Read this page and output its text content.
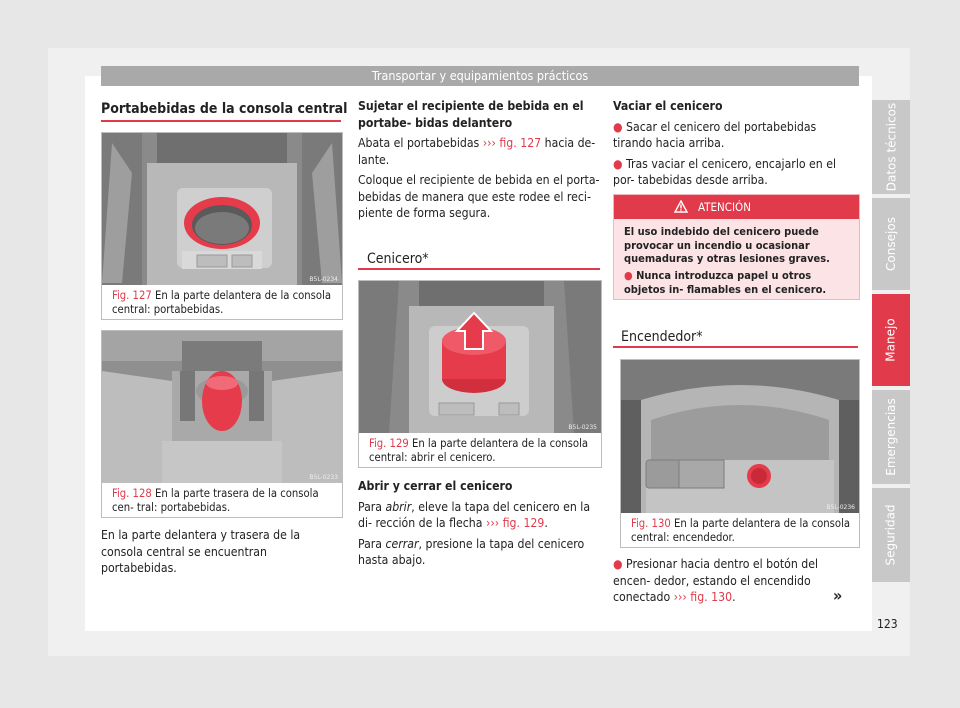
Transportar y equipamientos prácticos
Portabebidas de la consola central
B5L-0234
Fig. 127 En la parte delantera de la consola central: portabebidas.
B5L-0233
Fig. 128 En la parte trasera de la consola cen- tral: portabebidas.
En la parte delantera y trasera de la consola central se encuentran portabebidas.

Sujetar el recipiente de bebida en el portabe- bidas delantero

Abata el portabebidas ››› fig. 127 hacia de- lante.

Coloque el recipiente de bebida en el porta- bebidas de manera que este rodee el reci- piente de forma segura.

Cenicero*
B5L-0235
Fig. 129 En la parte delantera de la consola central: abrir el cenicero.

Abrir y cerrar el cenicero

Para abrir, eleve la tapa del cenicero en la di- rección de la flecha ››› fig. 129.

Para cerrar, presione la tapa del cenicero hasta abajo.

Vaciar el cenicero

● Sacar el cenicero del portabebidas tirando hacia arriba.

● Tras vaciar el cenicero, encajarlo en el por- tabebidas desde arriba.

ATENCIÓN
El uso indebido del cenicero puede provocar un incendio u ocasionar quemaduras y otras lesiones graves.
● Nunca introduzca papel u otros objetos in- flamables en el cenicero.
Encendedor*
B5L-0236
Fig. 130 En la parte delantera de la consola central: encendedor.
● Presionar hacia dentro el botón del encen- dedor, estando el encendido conectado ››› fig. 130.	»
Datos técnicos
Consejos
Manejo
Emergencias
Seguridad
123
